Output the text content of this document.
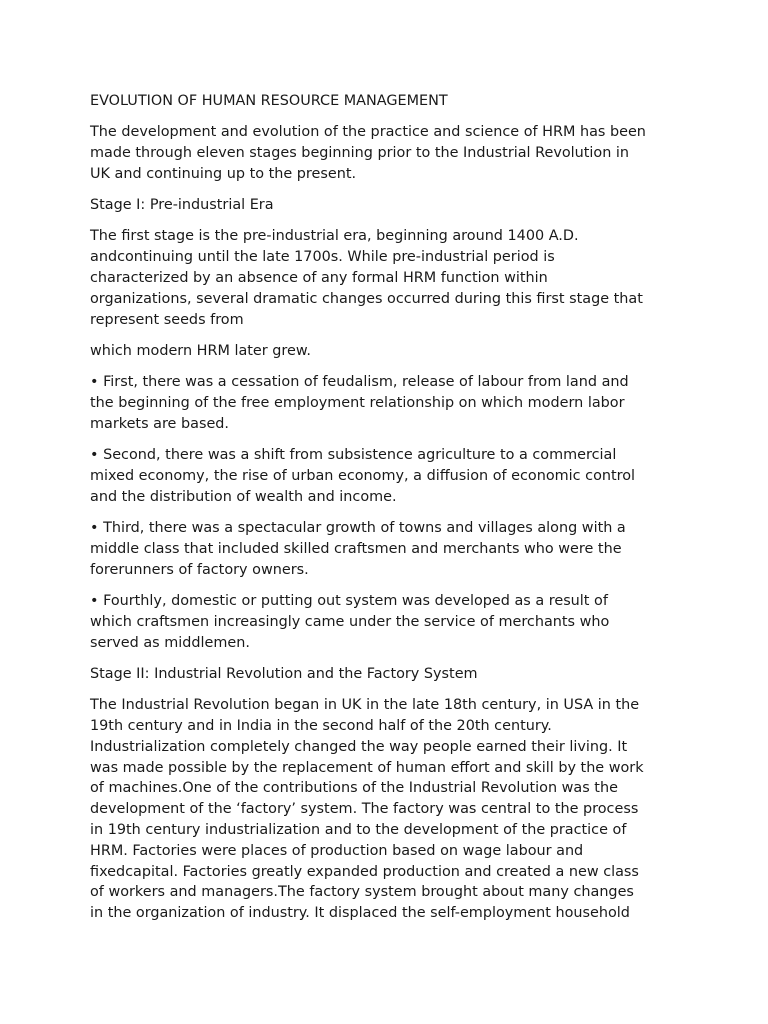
EVOLUTION OF HUMAN RESOURCE MANAGEMENT

The development and evolution of the practice and science of HRM has been
made through eleven stages beginning prior to the Industrial Revolution in
UK and continuing up to the present.

Stage I: Pre-industrial Era

The first stage is the pre-industrial era, beginning around 1400 A.D.
andcontinuing until the late 1700s. While pre-industrial period is
characterized by an absence of any formal HRM function within
organizations, several dramatic changes occurred during this first stage that
represent seeds from

which modern HRM later grew.

• First, there was a cessation of feudalism, release of labour from land and
the beginning of the free employment relationship on which modern labor
markets are based.

• Second, there was a shift from subsistence agriculture to a commercial
mixed economy, the rise of urban economy, a diffusion of economic control
and the distribution of wealth and income.

• Third, there was a spectacular growth of towns and villages along with a
middle class that included skilled craftsmen and merchants who were the
forerunners of factory owners.

• Fourthly, domestic or putting out system was developed as a result of
which craftsmen increasingly came under the service of merchants who
served as middlemen.

Stage II: Industrial Revolution and the Factory System

The Industrial Revolution began in UK in the late 18th century, in USA in the
19th century and in India in the second half of the 20th century.
Industrialization completely changed the way people earned their living. It
was made possible by the replacement of human effort and skill by the work
of machines.One of the contributions of the Industrial Revolution was the
development of the ‘factory’ system. The factory was central to the process
in 19th century industrialization and to the development of the practice of
HRM. Factories were places of production based on wage labour and
fixedcapital. Factories greatly expanded production and created a new class
of workers and managers.The factory system brought about many changes
in the organization of industry. It displaced the self-employment household
